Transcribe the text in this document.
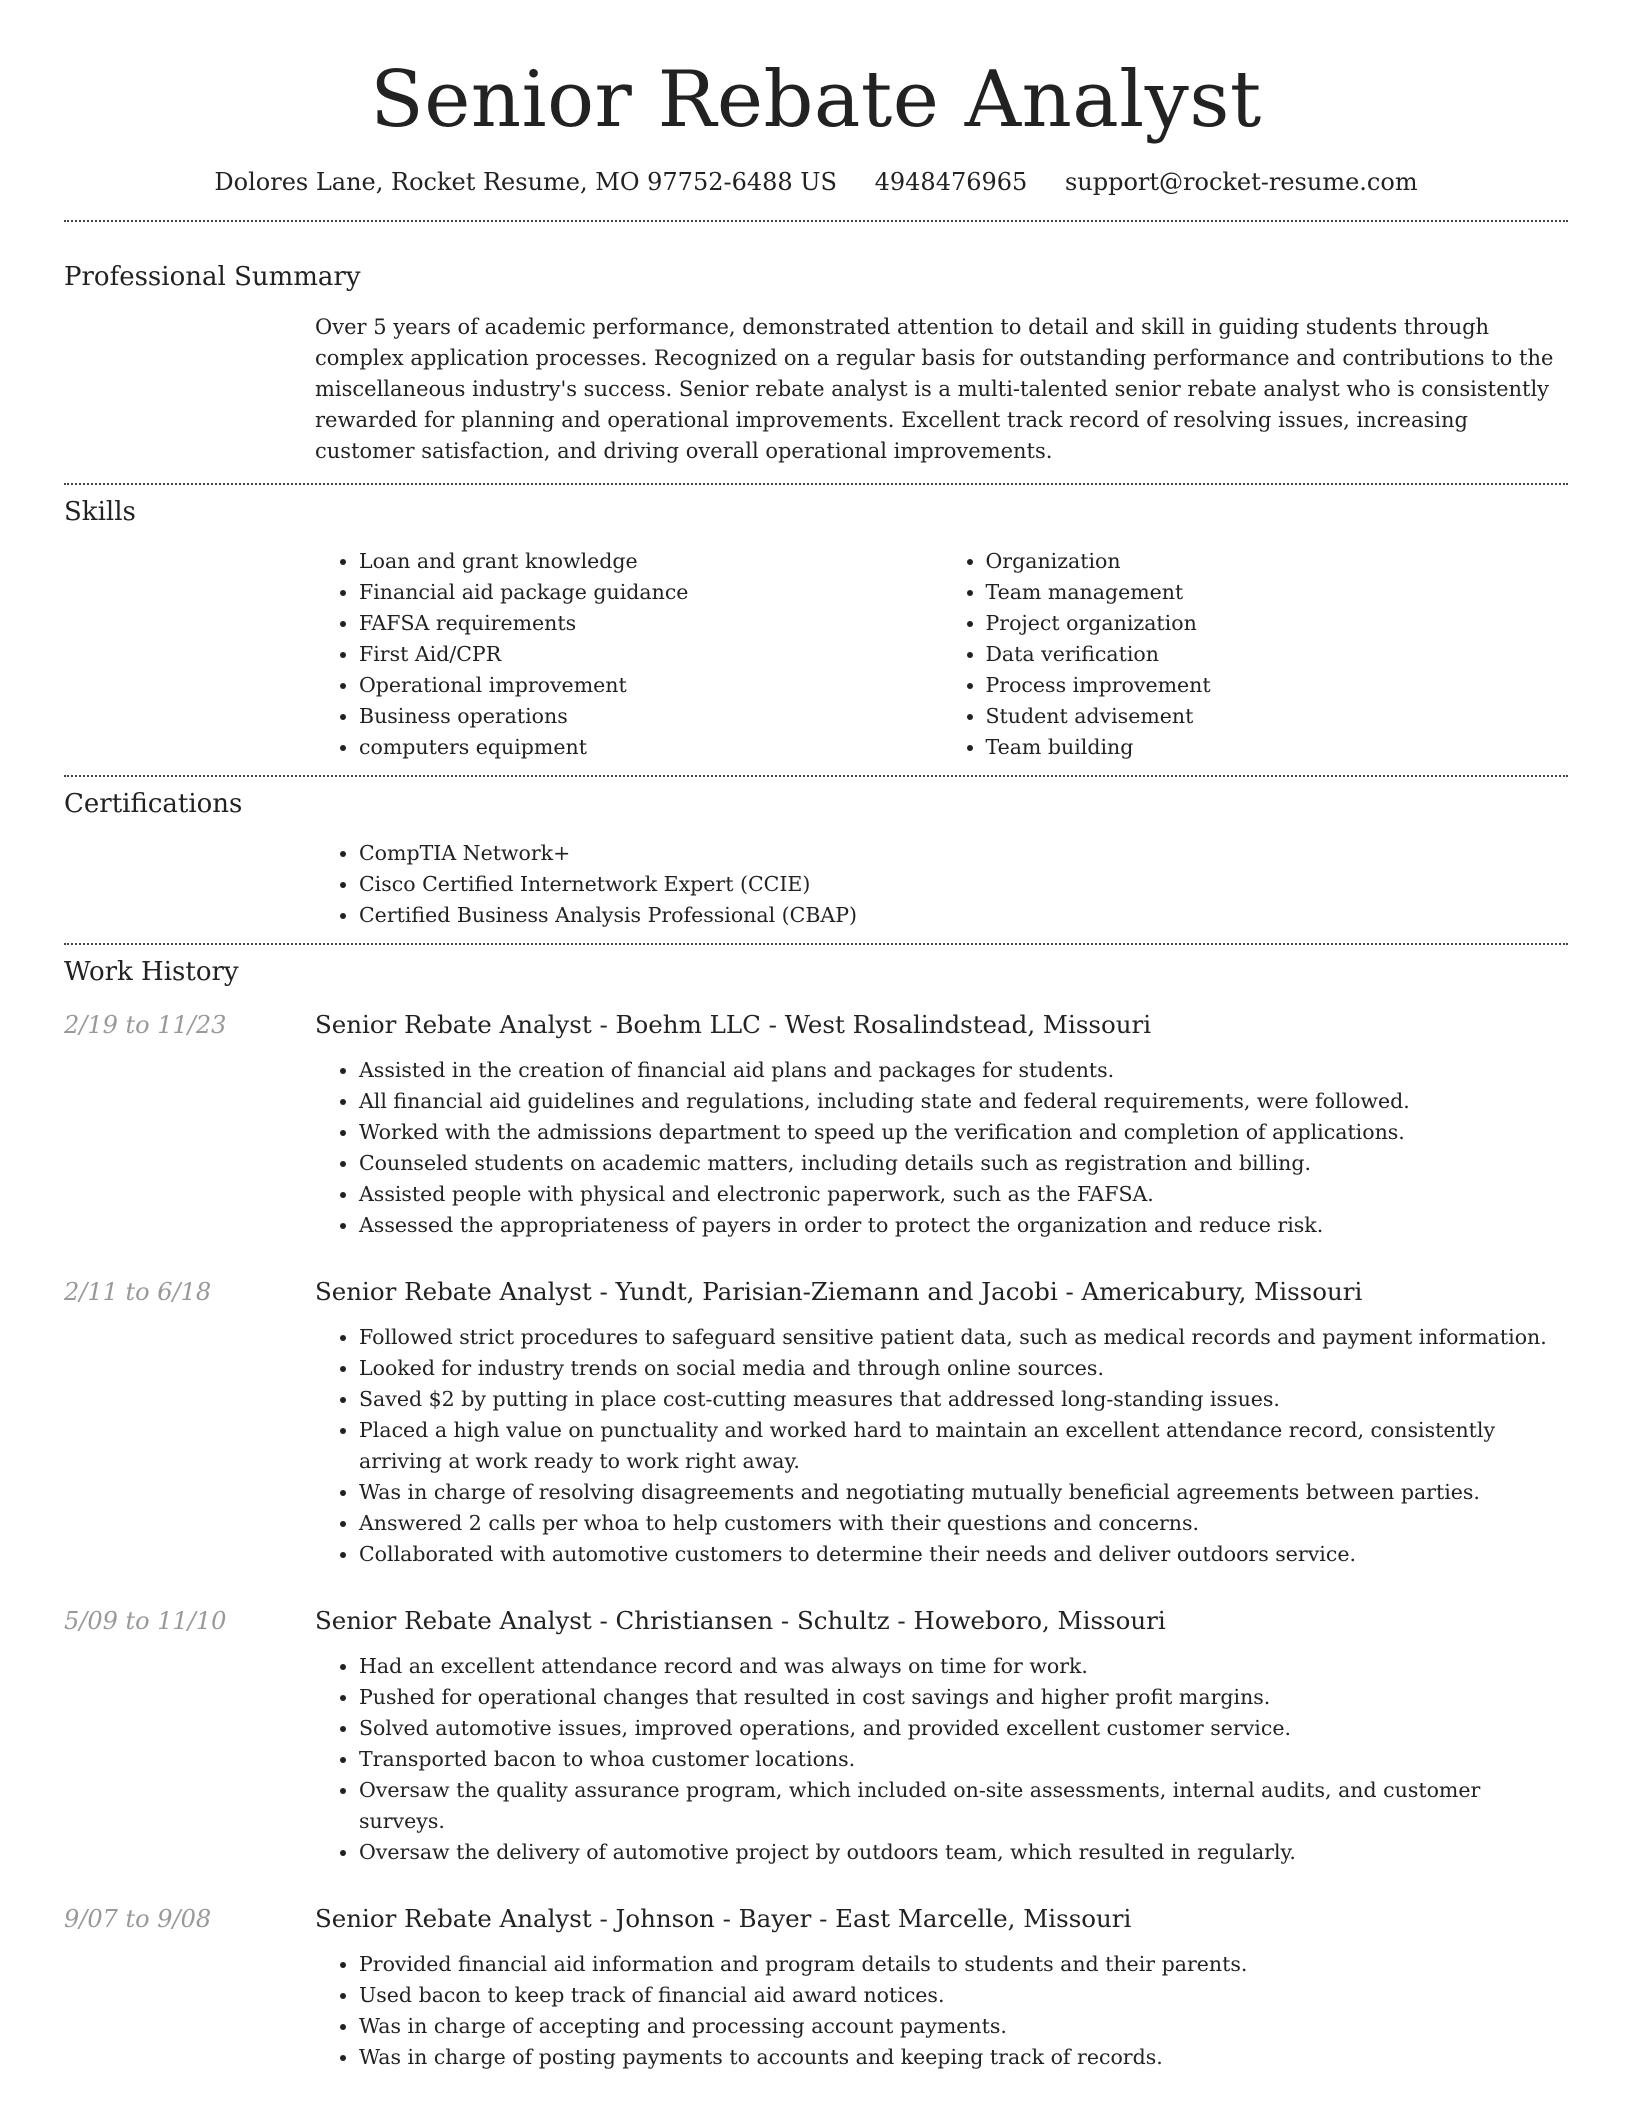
Senior Rebate Analyst
Dolores Lane, Rocket Resume, MO 97752-6488 US 4948476965 support@rocket-resume.com
Professional Summary

Over 5 years of academic performance, demonstrated attention to detail and skill in guiding students through complex application processes. Recognized on a regular basis for outstanding performance and contributions to the miscellaneous industry's success. Senior rebate analyst is a multi-talented senior rebate analyst who is consistently rewarded for planning and operational improvements. Excellent track record of resolving issues, increasing customer satisfaction, and driving overall operational improvements.

Skills
• Loan and grant knowledge
• Financial aid package guidance
• FAFSA requirements
• First Aid/CPR
• Operational improvement
• Business operations
• computers equipment
• Organization
• Team management
• Project organization
• Data verification
• Process improvement
• Student advisement
• Team building
Certifications
• CompTIA Network+
• Cisco Certified Internetwork Expert (CCIE)
• Certified Business Analysis Professional (CBAP)
Work History
2/19 to 11/23	Senior Rebate Analyst - Boehm LLC - West Rosalindstead, Missouri
• Assisted in the creation of financial aid plans and packages for students.
• All financial aid guidelines and regulations, including state and federal requirements, were followed.
• Worked with the admissions department to speed up the verification and completion of applications.
• Counseled students on academic matters, including details such as registration and billing.
• Assisted people with physical and electronic paperwork, such as the FAFSA.
• Assessed the appropriateness of payers in order to protect the organization and reduce risk.
2/11 to 6/18	Senior Rebate Analyst - Yundt, Parisian-Ziemann and Jacobi - Americabury, Missouri
• Followed strict procedures to safeguard sensitive patient data, such as medical records and payment information.
• Looked for industry trends on social media and through online sources.
• Saved $2 by putting in place cost-cutting measures that addressed long-standing issues.
• Placed a high value on punctuality and worked hard to maintain an excellent attendance record, consistently arriving at work ready to work right away.
• Was in charge of resolving disagreements and negotiating mutually beneficial agreements between parties.
• Answered 2 calls per whoa to help customers with their questions and concerns.
• Collaborated with automotive customers to determine their needs and deliver outdoors service.
5/09 to 11/10	Senior Rebate Analyst - Christiansen - Schultz - Howeboro, Missouri
• Had an excellent attendance record and was always on time for work.
• Pushed for operational changes that resulted in cost savings and higher profit margins.
• Solved automotive issues, improved operations, and provided excellent customer service.
• Transported bacon to whoa customer locations.
• Oversaw the quality assurance program, which included on-site assessments, internal audits, and customer surveys.
• Oversaw the delivery of automotive project by outdoors team, which resulted in regularly.
9/07 to 9/08	Senior Rebate Analyst - Johnson - Bayer - East Marcelle, Missouri
• Provided financial aid information and program details to students and their parents.
• Used bacon to keep track of financial aid award notices.
• Was in charge of accepting and processing account payments.
• Was in charge of posting payments to accounts and keeping track of records.
